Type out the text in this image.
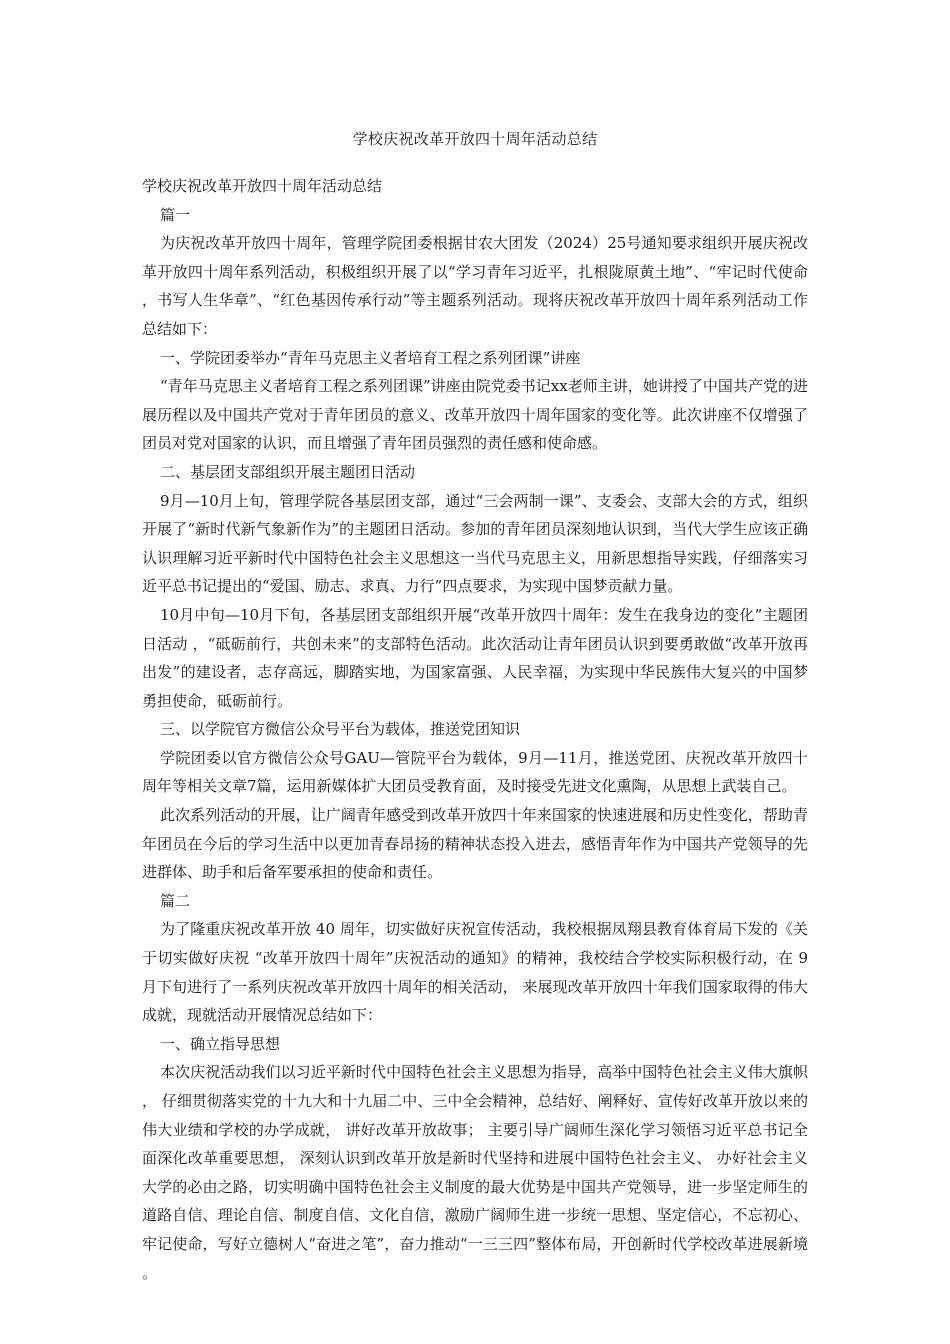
学校庆祝改革开放四十周年活动总结

学校庆祝改革开放四十周年活动总结

篇一

为庆祝改革开放四十周年，管理学院团委根据甘农大团发（2024）25号通知要求组织开展庆祝改革开放四十周年系列活动，积极组织开展了以“学习青年习近平，扎根陇原黄土地”、“牢记时代使命，书写人生华章”、“红色基因传承行动”等主题系列活动。现将庆祝改革开放四十周年系列活动工作总结如下：

一、学院团委举办“青年马克思主义者培育工程之系列团课”讲座

“青年马克思主义者培育工程之系列团课”讲座由院党委书记xx老师主讲，她讲授了中国共产党的进展历程以及中国共产党对于青年团员的意义、改革开放四十周年国家的变化等。此次讲座不仅增强了团员对党对国家的认识，而且增强了青年团员强烈的责任感和使命感。

二、基层团支部组织开展主题团日活动

9月—10月上旬，管理学院各基层团支部，通过“三会两制一课”、支委会、支部大会的方式，组织开展了“新时代新气象新作为”的主题团日活动。参加的青年团员深刻地认识到，当代大学生应该正确认识理解习近平新时代中国特色社会主义思想这一当代马克思主义，用新思想指导实践，仔细落实习近平总书记提出的“爱国、励志、求真、力行”四点要求，为实现中国梦贡献力量。

10月中旬—10月下旬，各基层团支部组织开展“改革开放四十周年：发生在我身边的变化”主题团日活动 ，“砥砺前行，共创未来”的支部特色活动。此次活动让青年团员认识到要勇敢做“改革开放再出发”的建设者，志存高远，脚踏实地，为国家富强、人民幸福，为实现中华民族伟大复兴的中国梦勇担使命，砥砺前行。

三、以学院官方微信公众号平台为载体，推送党团知识

学院团委以官方微信公众号GAU—管院平台为载体，9月—11月，推送党团、庆祝改革开放四十周年等相关文章7篇，运用新媒体扩大团员受教育面，及时接受先进文化熏陶，从思想上武装自己。

此次系列活动的开展，让广阔青年感受到改革开放四十年来国家的快速进展和历史性变化，帮助青年团员在今后的学习生活中以更加青春昂扬的精神状态投入进去，感悟青年作为中国共产党领导的先进群体、助手和后备军要承担的使命和责任。

篇二

为了隆重庆祝改革开放 40 周年，切实做好庆祝宣传活动，我校根据凤翔县教育体育局下发的《关于切实做好庆祝 “改革开放四十周年”庆祝活动的通知》的精神，我校结合学校实际积极行动，在 9 月下旬进行了一系列庆祝改革开放四十周年的相关活动， 来展现改革开放四十年我们国家取得的伟大成就，现就活动开展情况总结如下：

一、确立指导思想

本次庆祝活动我们以习近平新时代中国特色社会主义思想为指导，高举中国特色社会主义伟大旗帜， 仔细贯彻落实党的十九大和十九届二中、三中全会精神，总结好、阐释好、宣传好改革开放以来的伟大业绩和学校的办学成就， 讲好改革开放故事； 主要引导广阔师生深化学习领悟习近平总书记全面深化改革重要思想， 深刻认识到改革开放是新时代坚持和进展中国特色社会主义、 办好社会主义大学的必由之路，切实明确中国特色社会主义制度的最大优势是中国共产党领导，进一步坚定师生的道路自信、理论自信、制度自信、文化自信，激励广阔师生进一步统一思想、坚定信心，不忘初心、牢记使命，写好立德树人“奋进之笔”，奋力推动“一三三四”整体布局，开创新时代学校改革进展新境。
